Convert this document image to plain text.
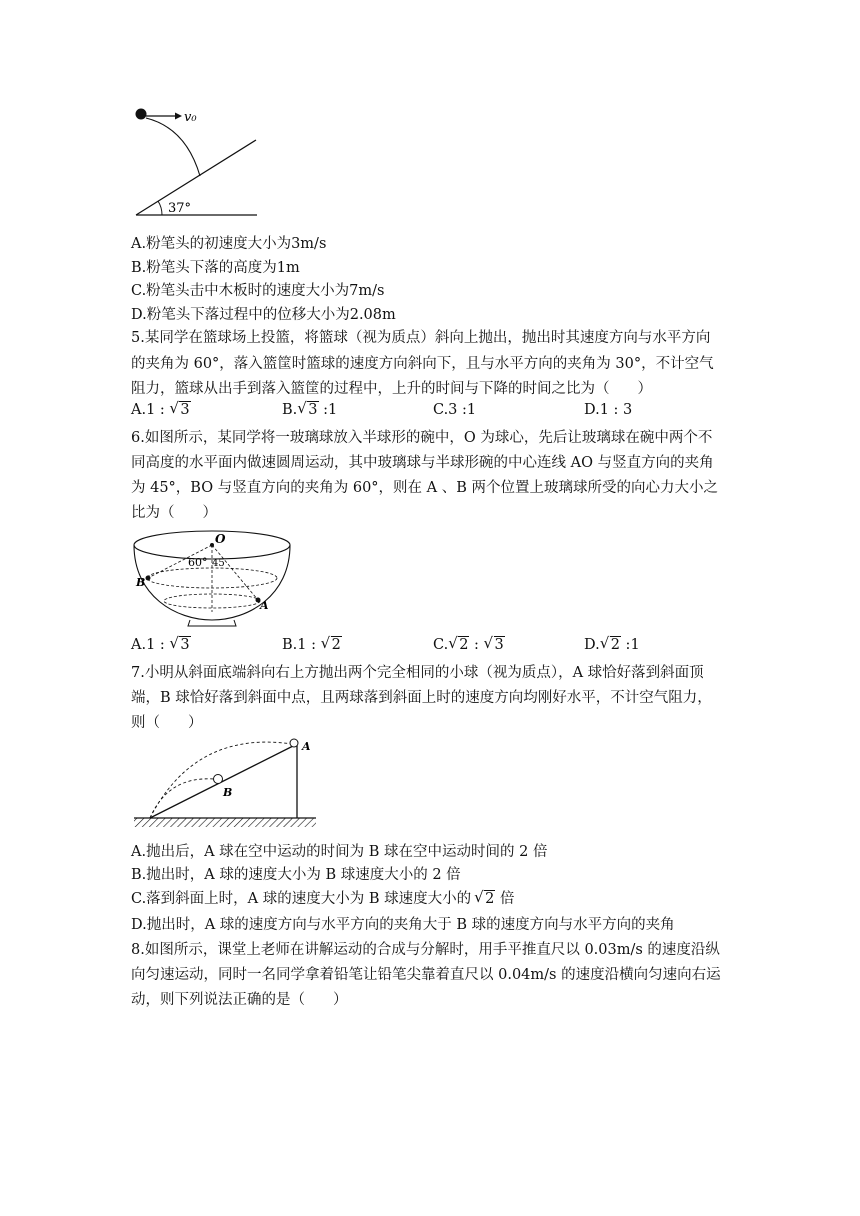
v₀
37°
A.粉笔头的初速度大小为3m/s
B.粉笔头下落的高度为1m
C.粉笔头击中木板时的速度大小为7m/s
D.粉笔头下落过程中的位移大小为2.08m
5.某同学在篮球场上投篮，将篮球（视为质点）斜向上抛出，抛出时其速度方向与水平方向
的夹角为 60°，落入篮筐时篮球的速度方向斜向下，且与水平方向的夹角为 30°，不计空气
阻力，篮球从出手到落入篮筐的过程中，上升的时间与下降的时间之比为（ ）
A.1 : √ 3	B. √ 3 :1	C.3 :1	D.1 : 3
6.如图所示，某同学将一玻璃球放入半球形的碗中，O 为球心，先后让玻璃球在碗中两个不
同高度的水平面内做速圆周运动，其中玻璃球与半球形碗的中心连线 AO 与竖直方向的夹角
为 45°，BO 与竖直方向的夹角为 60°，则在 A 、B 两个位置上玻璃球所受的向心力大小之
比为（ ）
O
60° 45
B
A
A.1 : √ 3	B.1 : √ 2	C. √ 2 : √ 3	D. √ 2 :1
7.小明从斜面底端斜向右上方抛出两个完全相同的小球（视为质点），A 球恰好落到斜面顶
端，B 球恰好落到斜面中点，且两球落到斜面上时的速度方向均刚好水平，不计空气阻力，
则（ ）
A
B
A.抛出后，A 球在空中运动的时间为 B 球在空中运动时间的 2 倍
B.抛出时，A 球的速度大小为 B 球速度大小的 2 倍
C.落到斜面上时，A 球的速度大小为 B 球速度大小的 √ 2 倍
D.抛出时，A 球的速度方向与水平方向的夹角大于 B 球的速度方向与水平方向的夹角
8.如图所示，课堂上老师在讲解运动的合成与分解时，用手平推直尺以 0.03m/s 的速度沿纵
向匀速运动，同时一名同学拿着铅笔让铅笔尖靠着直尺以 0.04m/s 的速度沿横向匀速向右运
动，则下列说法正确的是（ ）
